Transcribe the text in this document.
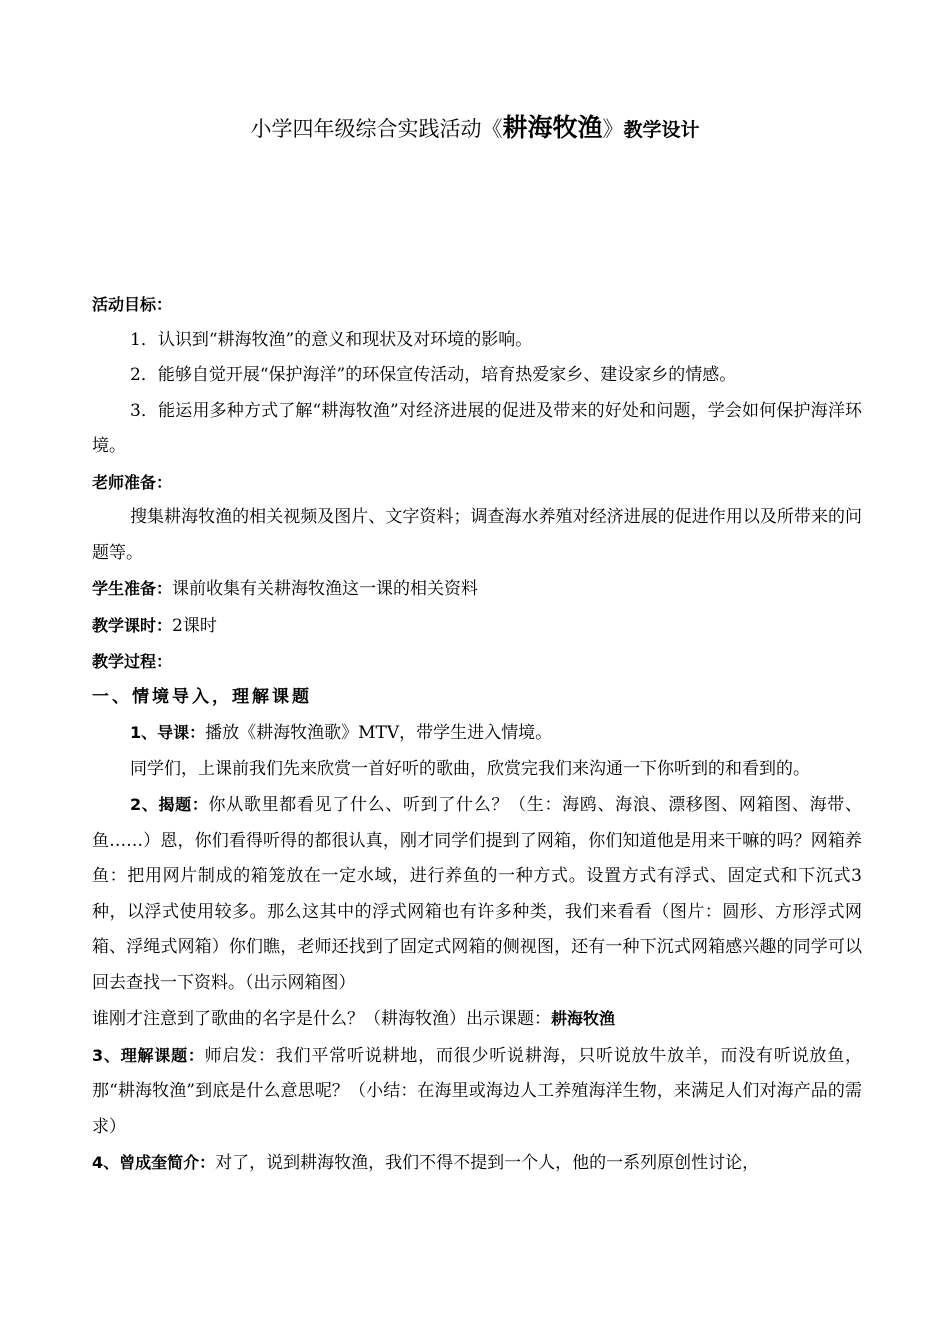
小学四年级综合实践活动《耕海牧渔》教学设计

活动目标：

1．认识到“耕海牧渔”的意义和现状及对环境的影响。

2．能够自觉开展“保护海洋”的环保宣传活动，培育热爱家乡、建设家乡的情感。

3．能运用多种方式了解“耕海牧渔”对经济进展的促进及带来的好处和问题，学会如何保护海洋环境。

老师准备：

搜集耕海牧渔的相关视频及图片、文字资料；调查海水养殖对经济进展的促进作用以及所带来的问题等。

学生准备：课前收集有关耕海牧渔这一课的相关资料

教学课时：2课时

教学过程：

一、情境导入，理解课题

1、导课：播放《耕海牧渔歌》MTV，带学生进入情境。

同学们，上课前我们先来欣赏一首好听的歌曲，欣赏完我们来沟通一下你听到的和看到的。

2、揭题：你从歌里都看见了什么、听到了什么？（生：海鸥、海浪、漂移图、网箱图、海带、鱼……）恩，你们看得听得的都很认真，刚才同学们提到了网箱，你们知道他是用来干嘛的吗？网箱养鱼：把用网片制成的箱笼放在一定水域，进行养鱼的一种方式。设置方式有浮式、固定式和下沉式3种，以浮式使用较多。那么这其中的浮式网箱也有许多种类，我们来看看（图片：圆形、方形浮式网箱、浮绳式网箱）你们瞧，老师还找到了固定式网箱的侧视图，还有一种下沉式网箱感兴趣的同学可以回去查找一下资料。（出示网箱图）

谁刚才注意到了歌曲的名字是什么？（耕海牧渔）出示课题：耕海牧渔

3、理解课题：师启发：我们平常听说耕地，而很少听说耕海，只听说放牛放羊，而没有听说放鱼，那“耕海牧渔”到底是什么意思呢？（小结：在海里或海边人工养殖海洋生物，来满足人们对海产品的需求）

4、曾成奎简介：对了，说到耕海牧渔，我们不得不提到一个人，他的一系列原创性讨论，
